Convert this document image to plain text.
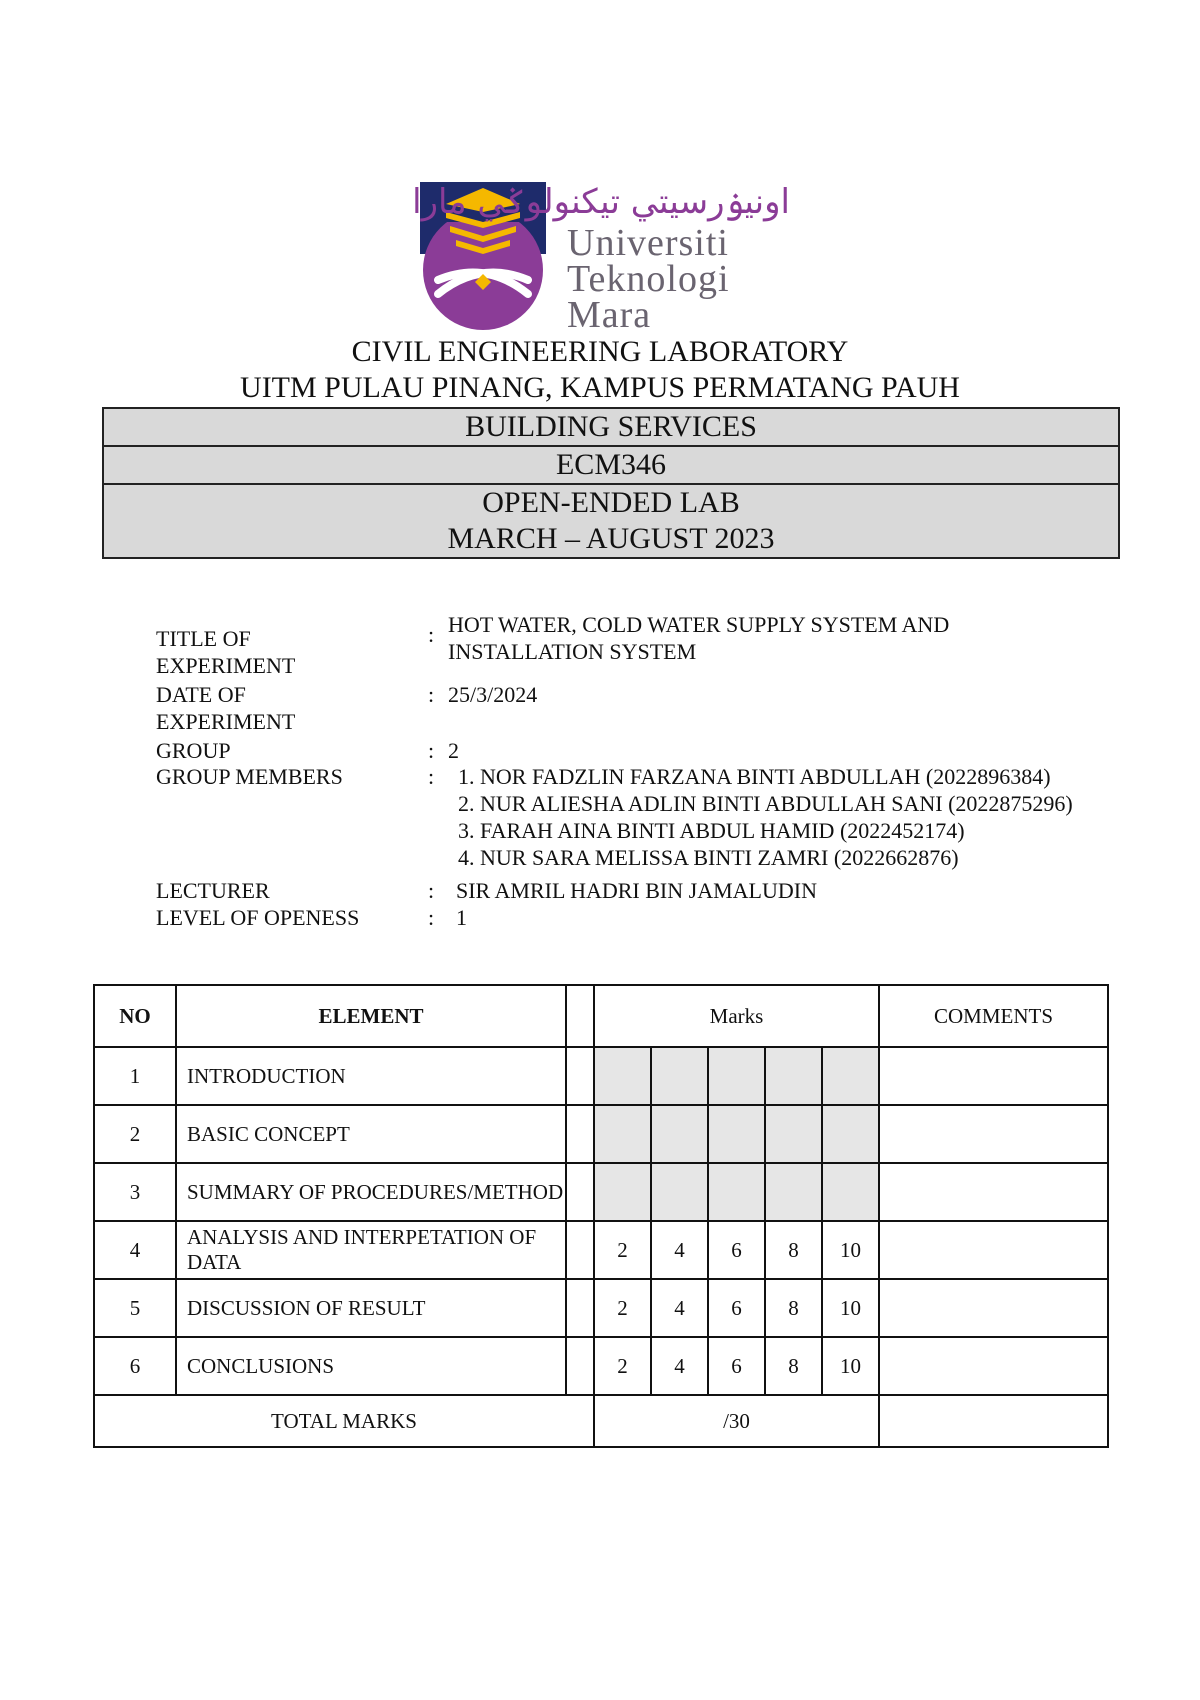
اونيۏرسيتي تيکنولوݢي مارا
Universiti
Teknologi
Mara
CIVIL ENGINEERING LABORATORY
UITM PULAU PINANG, KAMPUS PERMATANG PAUH
BUILDING SERVICES
ECM346

OPEN-ENDED LAB
MARCH – AUGUST 2023
TITLE OF EXPERIMENT
: HOT WATER, COLD WATER SUPPLY SYSTEM AND INSTALLATION SYSTEM
DATE OF EXPERIMENT
: 25/3/2024
GROUP	: 2
GROUP MEMBERS	: 1. NOR FADZLIN FARZANA BINTI ABDULLAH (2022896384)
2. NUR ALIESHA ADLIN BINTI ABDULLAH SANI (2022875296)
3. FARAH AINA BINTI ABDUL HAMID (2022452174)
4. NUR SARA MELISSA BINTI ZAMRI (2022662876)
LECTURER	: SIR AMRIL HADRI BIN JAMALUDIN
LEVEL OF OPENESS	: 1
NO	ELEMENT		Marks					COMMENTS
1	INTRODUCTION							
2	BASIC CONCEPT							
3	SUMMARY OF PROCEDURES/METHOD							
4	ANALYSIS AND INTERPETATION OF DATA		2	4	6	8	10	
5	DISCUSSION OF RESULT		2	4	6	8	10	
6	CONCLUSIONS		2	4	6	8	10	
TOTAL MARKS			/30					
